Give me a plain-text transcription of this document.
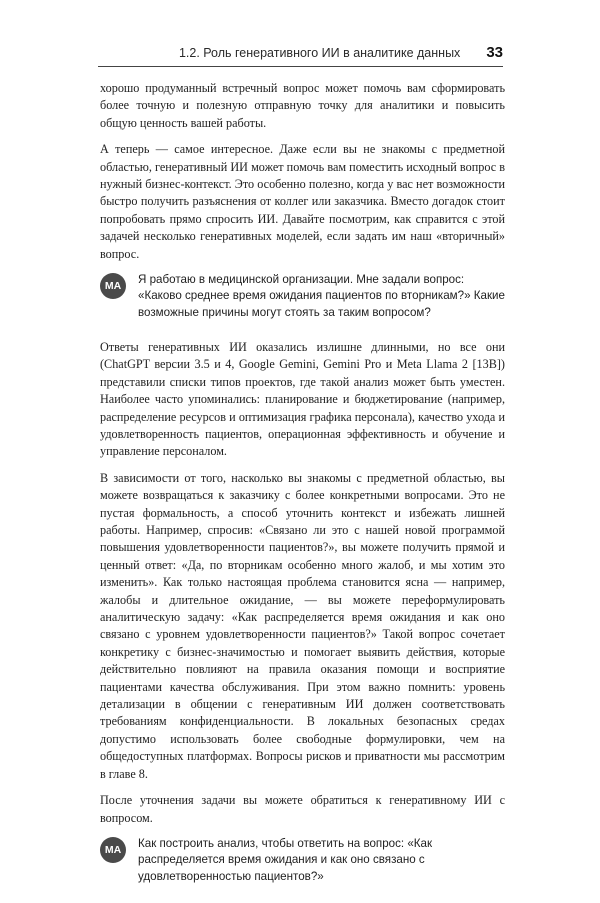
1.2. Роль генеративного ИИ в аналитике данных 33

хорошо продуманный встречный вопрос может помочь вам сформировать более точную и полезную отправную точку для аналитики и повысить общую ценность вашей работы.

А теперь — самое интересное. Даже если вы не знакомы с предметной областью, генеративный ИИ может помочь вам поместить исходный вопрос в нужный бизнес-контекст. Это особенно полезно, когда у вас нет возможности быстро получить разъяснения от коллег или заказчика. Вместо догадок стоит попробовать прямо спросить ИИ. Давайте посмотрим, как справится с этой задачей несколько генеративных моделей, если задать им наш «вторичный» вопрос.

MA	Я работаю в медицинской организации. Мне задали вопрос: «Каково среднее время ожидания пациентов по вторникам?» Какие возможные причины могут стоять за таким вопросом?

Ответы генеративных ИИ оказались излишне длинными, но все они (ChatGPT версии 3.5 и 4, Google Gemini, Gemini Pro и Meta Llama 2 [13B]) представили списки типов проектов, где такой анализ может быть уместен. Наиболее часто упоминались: планирование и бюджетирование (например, распределение ресурсов и оптимизация графика персонала), качество ухода и удовлетворенность пациентов, операционная эффективность и обучение и управление персоналом.

В зависимости от того, насколько вы знакомы с предметной областью, вы можете возвращаться к заказчику с более конкретными вопросами. Это не пустая формальность, а способ уточнить контекст и избежать лишней работы. Например, спросив: «Связано ли это с нашей новой программой повышения удовлетворенности пациентов?», вы можете получить прямой и ценный ответ: «Да, по вторникам особенно много жалоб, и мы хотим это изменить». Как только настоящая проблема становится ясна — например, жалобы и длительное ожидание, — вы можете переформулировать аналитическую задачу: «Как распределяется время ожидания и как оно связано с уровнем удовлетворенности пациентов?» Такой вопрос сочетает конкретику с бизнес-значимостью и помогает выявить действия, которые действительно повлияют на правила оказания помощи и восприятие пациентами качества обслуживания. При этом важно помнить: уровень детализации в общении с генеративным ИИ должен соответствовать требованиям конфиденциальности. В локальных безопасных средах допустимо использовать более свободные формулировки, чем на общедоступных платформах. Вопросы рисков и приватности мы рассмотрим в главе 8.

После уточнения задачи вы можете обратиться к генеративному ИИ с вопросом.

MA	Как построить анализ, чтобы ответить на вопрос: «Как распределяется время ожидания и как оно связано с удовлетворенностью пациентов?»
